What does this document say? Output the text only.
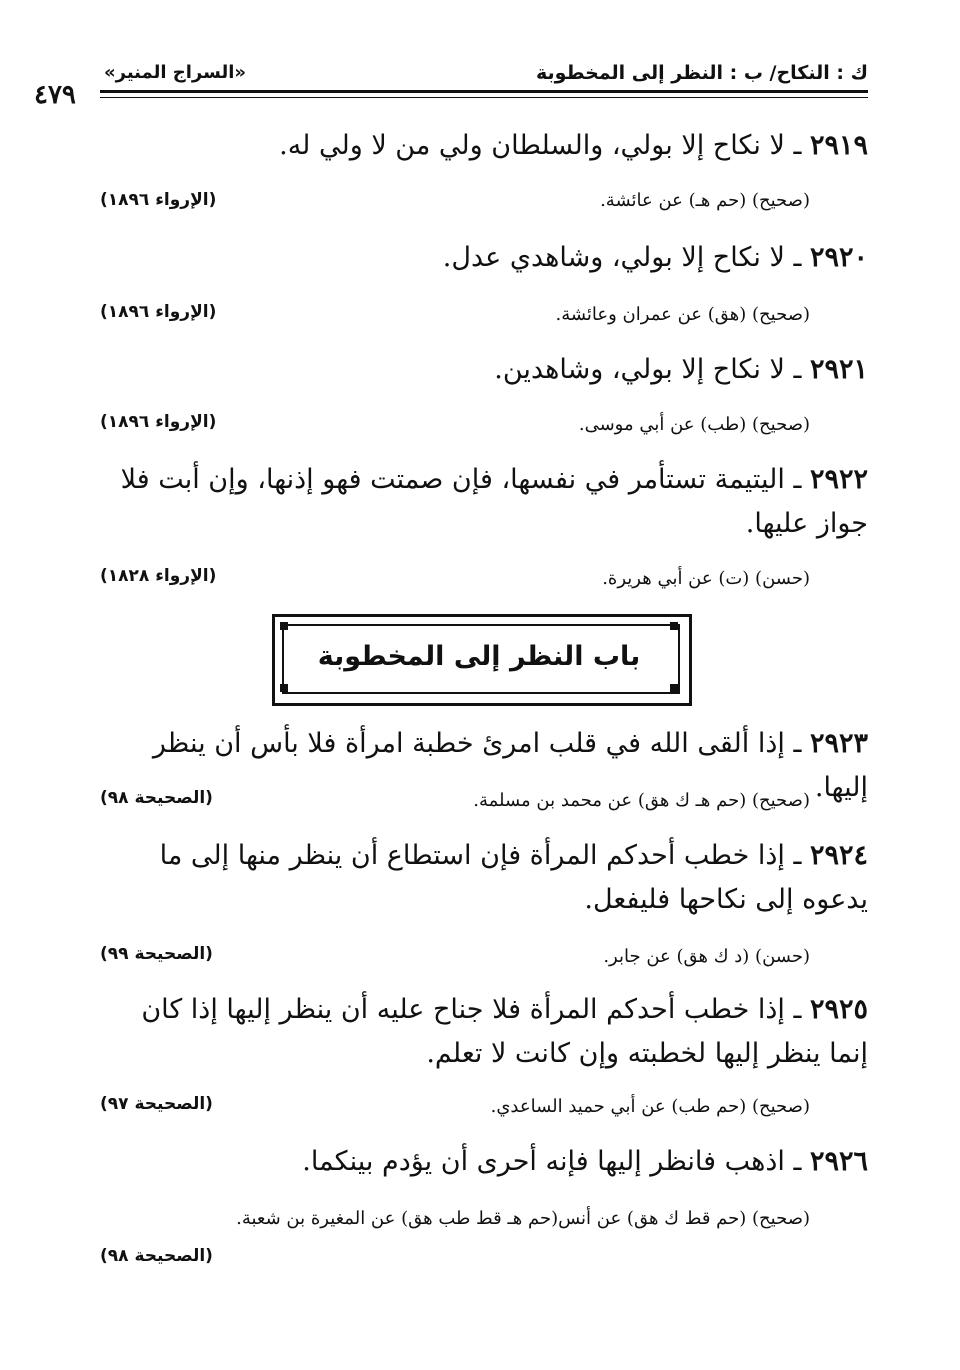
ك : النكاح/ ب : النظر إلى المخطوبة
«السراج المنير»
٤٧٩
٢٩١٩ ـ لا نكاح إلا بولي، والسلطان ولي من لا ولي له.
(صحيح) (حم هـ) عن عائشة.
(الإرواء ١٨٩٦)
٢٩٢٠ ـ لا نكاح إلا بولي، وشاهدي عدل.
(صحيح) (هق) عن عمران وعائشة.
(الإرواء ١٨٩٦)
٢٩٢١ ـ لا نكاح إلا بولي، وشاهدين.
(صحيح) (طب) عن أبي موسى.
(الإرواء ١٨٩٦)
٢٩٢٢ ـ اليتيمة تستأمر في نفسها، فإن صمتت فهو إذنها، وإن أبت فلا جواز عليها.
(حسن) (ت) عن أبي هريرة.
(الإرواء ١٨٢٨)
باب النظر إلى المخطوبة
٢٩٢٣ ـ إذا ألقى الله في قلب امرئ خطبة امرأة فلا بأس أن ينظر إليها.
(صحيح) (حم هـ ك هق) عن محمد بن مسلمة.
(الصحيحة ٩٨)
٢٩٢٤ ـ إذا خطب أحدكم المرأة فإن استطاع أن ينظر منها إلى ما يدعوه إلى نكاحها فليفعل.
(حسن) (د ك هق) عن جابر.
(الصحيحة ٩٩)
٢٩٢٥ ـ إذا خطب أحدكم المرأة فلا جناح عليه أن ينظر إليها إذا كان إنما ينظر إليها لخطبته وإن كانت لا تعلم.
(صحيح) (حم طب) عن أبي حميد الساعدي.
(الصحيحة ٩٧)
٢٩٢٦ ـ اذهب فانظر إليها فإنه أحرى أن يؤدم بينكما.
(صحيح) (حم قط ك هق) عن أنس(حم هـ قط طب هق) عن المغيرة بن شعبة.
(الصحيحة ٩٨)
